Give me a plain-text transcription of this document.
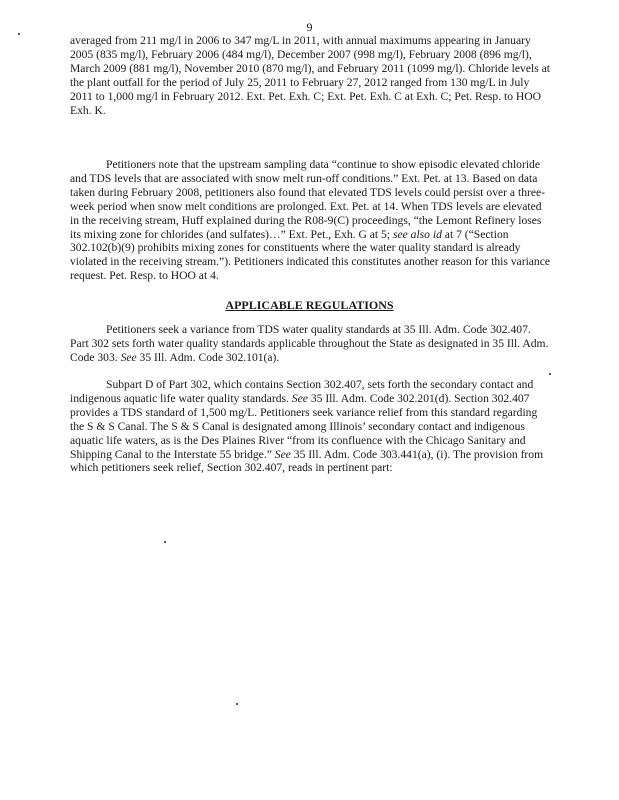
9

averaged from 211 mg/l in 2006 to 347 mg/L in 2011, with annual maximums appearing in January 2005 (835 mg/l), February 2006 (484 mg/l), December 2007 (998 mg/l), February 2008 (896 mg/l), March 2009 (881 mg/l), November 2010 (870 mg/l), and February 2011 (1099 mg/l). Chloride levels at the plant outfall for the period of July 25, 2011 to February 27, 2012 ranged from 130 mg/L in July 2011 to 1,000 mg/l in February 2012. Ext. Pet. Exh. C; Ext. Pet. Exh. C at Exh. C; Pet. Resp. to HOO Exh. K.

Petitioners note that the upstream sampling data “continue to show episodic elevated chloride and TDS levels that are associated with snow melt run-off conditions.” Ext. Pet. at 13. Based on data taken during February 2008, petitioners also found that elevated TDS levels could persist over a three-week period when snow melt conditions are prolonged. Ext. Pet. at 14. When TDS levels are elevated in the receiving stream, Huff explained during the R08-9(C) proceedings, “the Lemont Refinery loses its mixing zone for chlorides (and sulfates)…” Ext. Pet., Exh. G at 5; see also id at 7 (“Section 302.102(b)(9) prohibits mixing zones for constituents where the water quality standard is already violated in the receiving stream.”). Petitioners indicated this constitutes another reason for this variance request. Pet. Resp. to HOO at 4.

APPLICABLE REGULATIONS

Petitioners seek a variance from TDS water quality standards at 35 Ill. Adm. Code 302.407. Part 302 sets forth water quality standards applicable throughout the State as designated in 35 Ill. Adm. Code 303. See 35 Ill. Adm. Code 302.101(a).

Subpart D of Part 302, which contains Section 302.407, sets forth the secondary contact and indigenous aquatic life water quality standards. See 35 Ill. Adm. Code 302.201(d). Section 302.407 provides a TDS standard of 1,500 mg/L. Petitioners seek variance relief from this standard regarding the S & S Canal. The S & S Canal is designated among Illinois’ secondary contact and indigenous aquatic life waters, as is the Des Plaines River “from its confluence with the Chicago Sanitary and Shipping Canal to the Interstate 55 bridge.” See 35 Ill. Adm. Code 303.441(a), (i). The provision from which petitioners seek relief, Section 302.407, reads in pertinent part:
